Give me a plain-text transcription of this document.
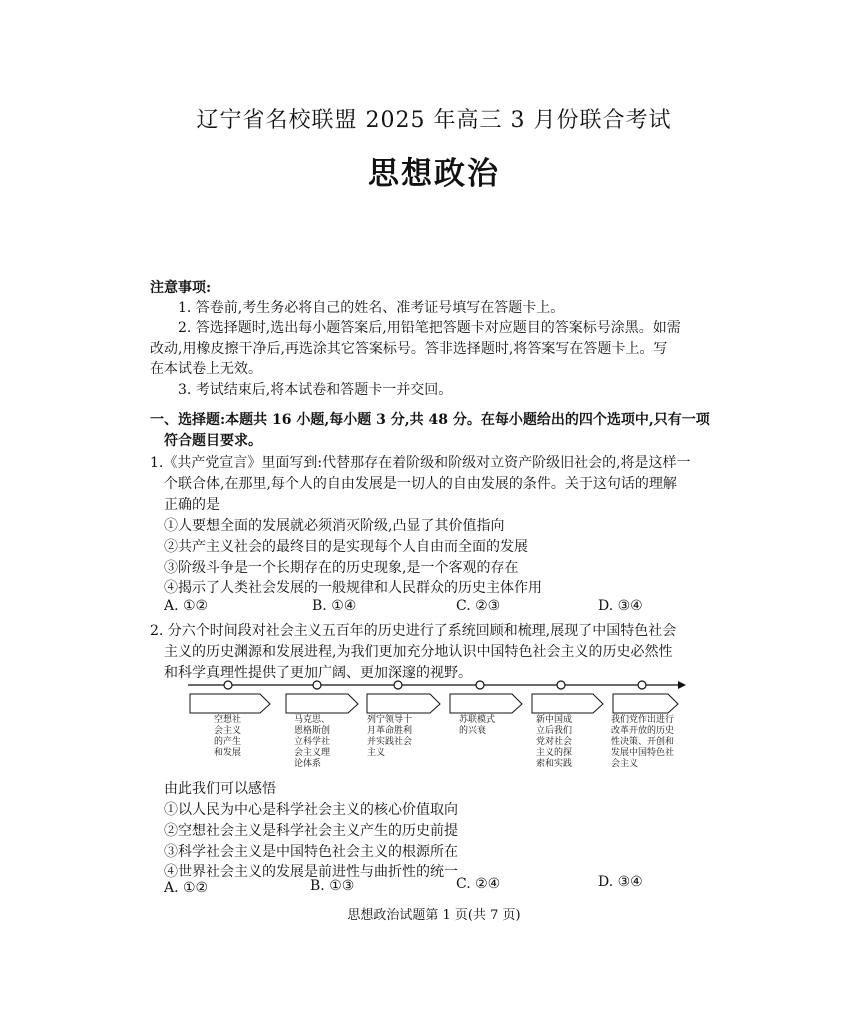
辽宁省名校联盟 2025 年高三 3 月份联合考试
思想政治
注意事项:
1. 答卷前,考生务必将自己的姓名、准考证号填写在答题卡上。
2. 答选择题时,选出每小题答案后,用铅笔把答题卡对应题目的答案标号涂黑。如需
改动,用橡皮擦干净后,再选涂其它答案标号。答非选择题时,将答案写在答题卡上。写
在本试卷上无效。
3. 考试结束后,将本试卷和答题卡一并交回。
一、选择题:本题共 16 小题,每小题 3 分,共 48 分。在每小题给出的四个选项中,只有一项
符合题目要求。
1.《共产党宣言》里面写到:代替那存在着阶级和阶级对立资产阶级旧社会的,将是这样一
个联合体,在那里,每个人的自由发展是一切人的自由发展的条件。关于这句话的理解
正确的是
①人要想全面的发展就必须消灭阶级,凸显了其价值指向
②共产主义社会的最终目的是实现每个人自由而全面的发展
③阶级斗争是一个长期存在的历史现象,是一个客观的存在
④揭示了人类社会发展的一般规律和人民群众的历史主体作用
A. ①②	B. ①④	C. ②③	D. ③④
2. 分六个时间段对社会主义五百年的历史进行了系统回顾和梳理,展现了中国特色社会
主义的历史渊源和发展进程,为我们更加充分地认识中国特色社会主义的历史必然性
和科学真理性提供了更加广阔、更加深邃的视野。
空想社
会主义
的产生
和发展
马克思、
恩格斯创
立科学社
会主义理
论体系
列宁领导十
月革命胜利
并实践社会
主义
苏联模式
的兴衰
新中国成
立后我们
党对社会
主义的探
索和实践
我们党作出进行
改革开放的历史
性决策、开创和
发展中国特色社
会主义
由此我们可以感悟
①以人民为中心是科学社会主义的核心价值取向
②空想社会主义是科学社会主义产生的历史前提
③科学社会主义是中国特色社会主义的根源所在
④世界社会主义的发展是前进性与曲折性的统一
A. ①②	B. ①③	C. ②④	D. ③④
思想政治试题第 1 页(共 7 页)
